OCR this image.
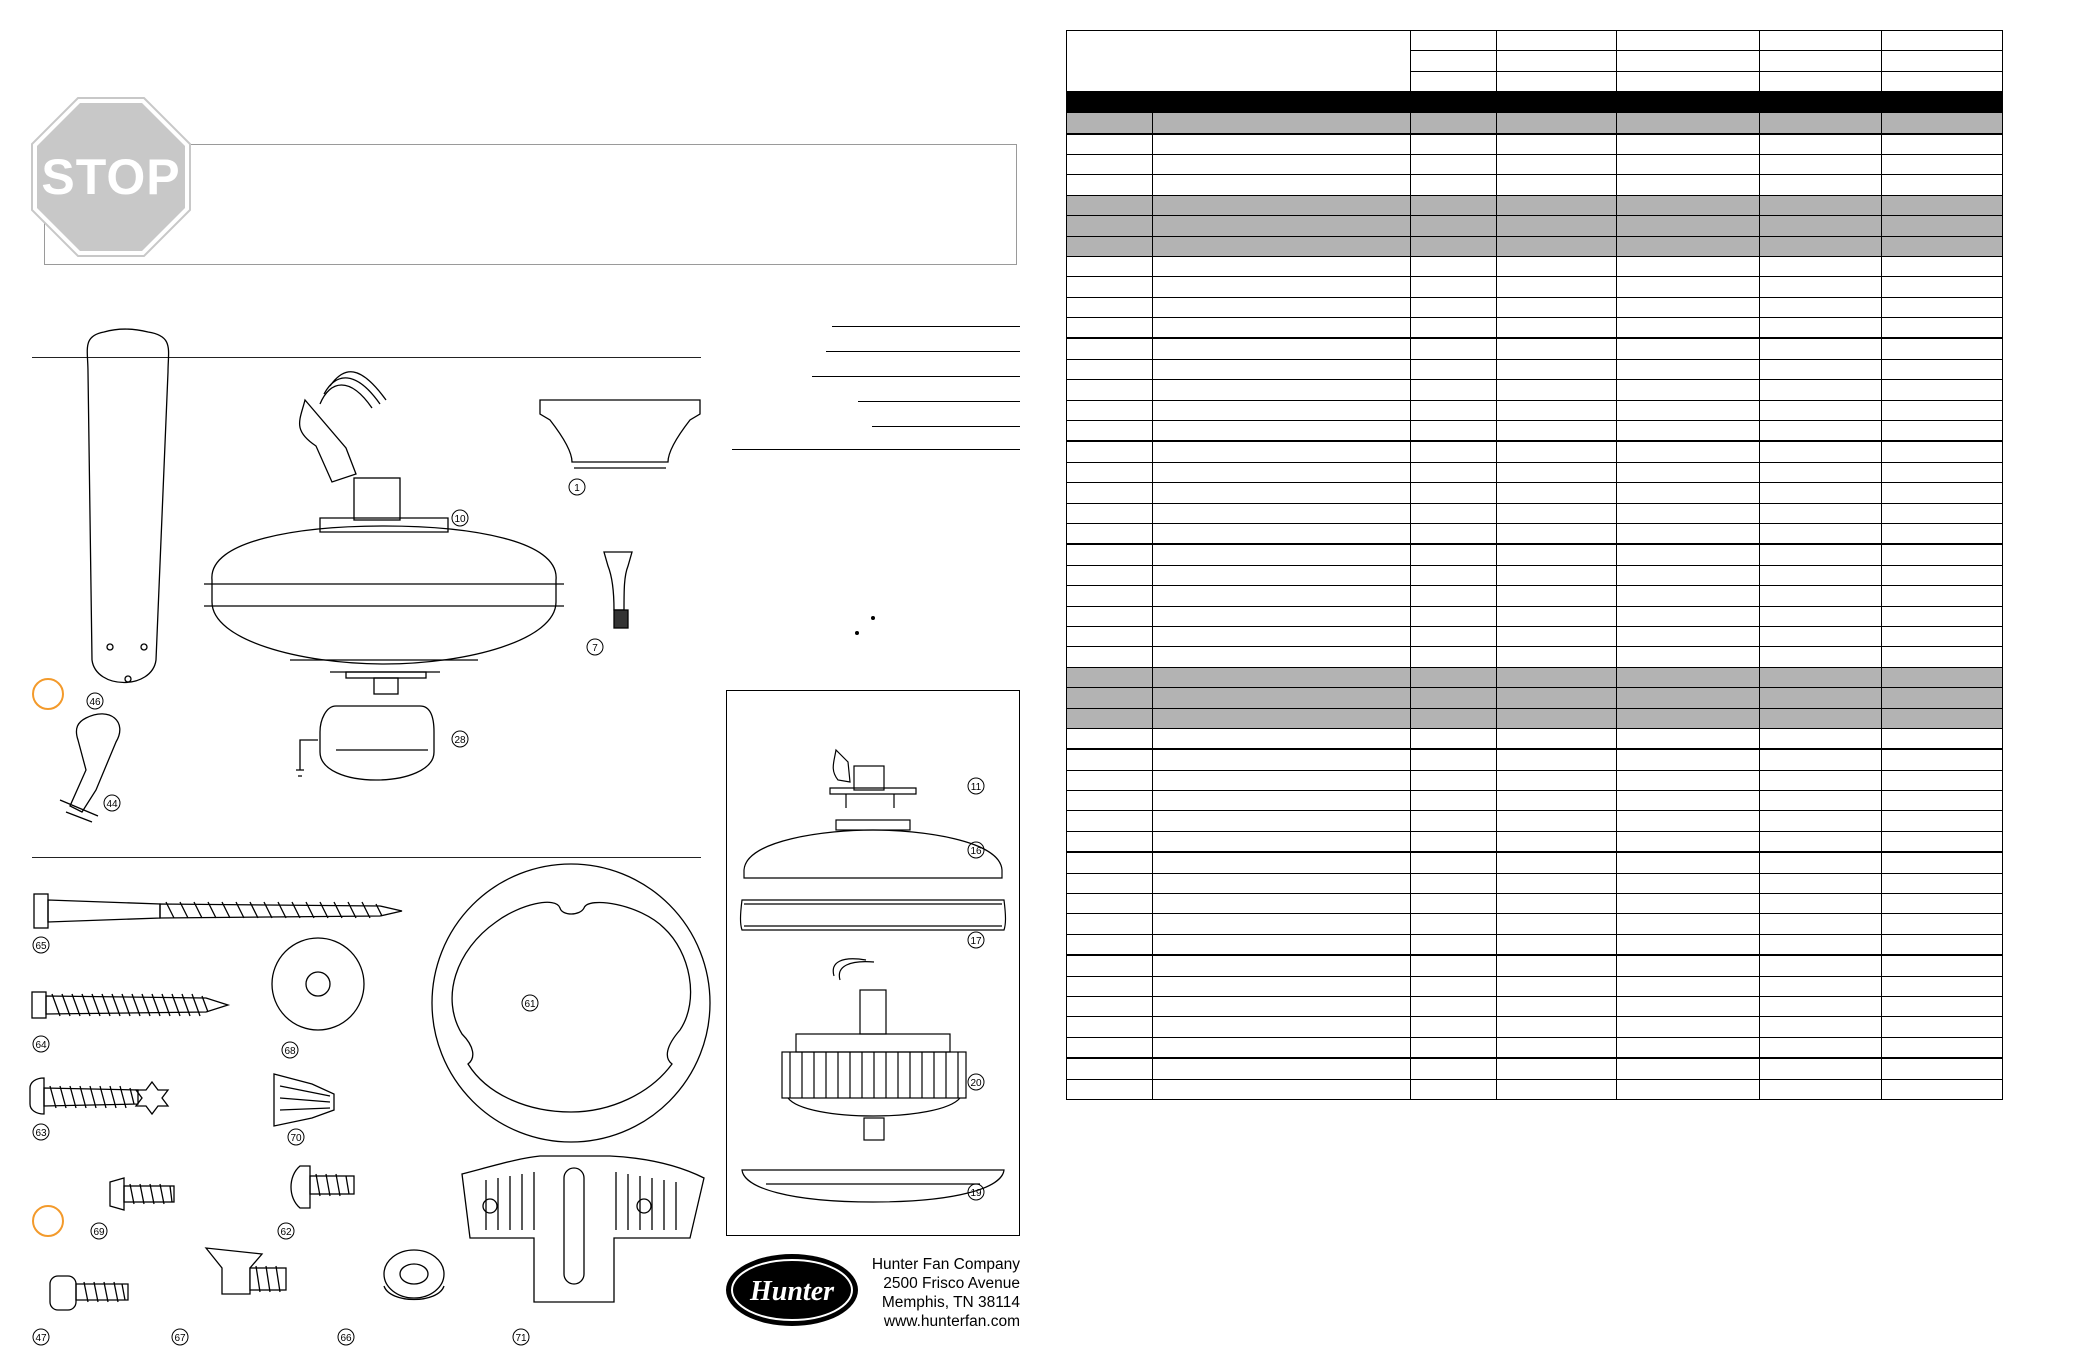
STOP
1
10
7
46
44
28
65
64
68
61
63	70
69	62
47	67	66	71
11
16
17
20
19
Hunter
Hunter Fan Company
2500 Frisco Avenue
Memphis, TN 38114
www.hunterfan.com
